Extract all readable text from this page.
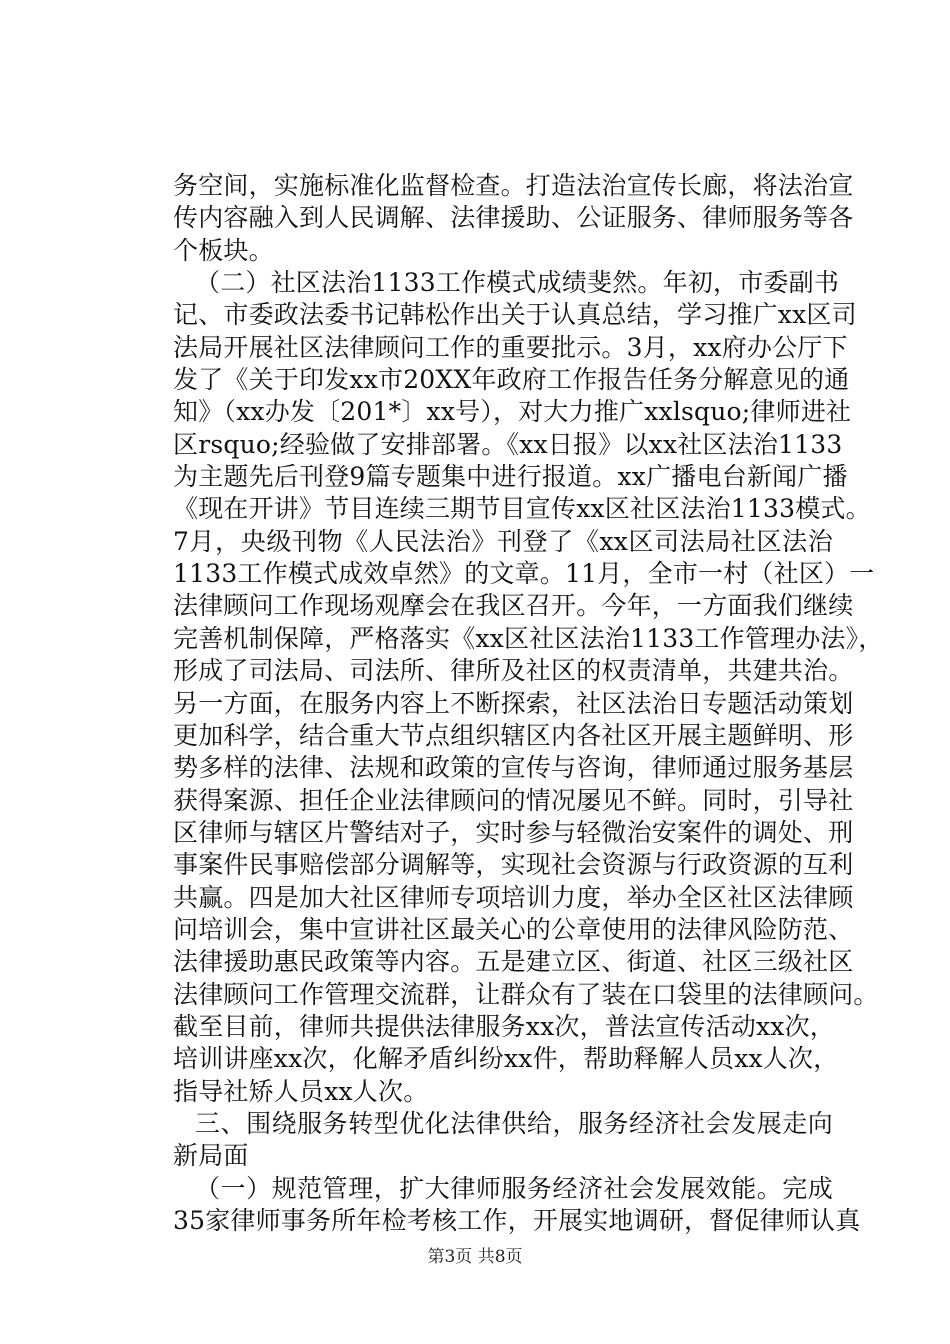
务空间，实施标准化监督检查。打造法治宣传长廊，将法治宣
传内容融入到人民调解、法律援助、公证服务、律师服务等各
个板块。
（二）社区法治1133工作模式成绩斐然。年初，市委副书
记、市委政法委书记韩松作出关于认真总结，学习推广xx区司
法局开展社区法律顾问工作的重要批示。3月，xx府办公厅下
发了《关于印发xx市20XX年政府工作报告任务分解意见的通
知》（xx办发〔201*〕xx号），对大力推广xxlsquo;律师进社
区rsquo;经验做了安排部署。《xx日报》以xx社区法治1133
为主题先后刊登9篇专题集中进行报道。xx广播电台新闻广播
《现在开讲》节目连续三期节目宣传xx区社区法治1133模式。
7月，央级刊物《人民法治》刊登了《xx区司法局社区法治
1133工作模式成效卓然》的文章。11月，全市一村（社区）一
法律顾问工作现场观摩会在我区召开。今年，一方面我们继续
完善机制保障，严格落实《xx区社区法治1133工作管理办法》，
形成了司法局、司法所、律所及社区的权责清单，共建共治。
另一方面，在服务内容上不断探索，社区法治日专题活动策划
更加科学，结合重大节点组织辖区内各社区开展主题鲜明、形
势多样的法律、法规和政策的宣传与咨询，律师通过服务基层
获得案源、担任企业法律顾问的情况屡见不鲜。同时，引导社
区律师与辖区片警结对子，实时参与轻微治安案件的调处、刑
事案件民事赔偿部分调解等，实现社会资源与行政资源的互利
共赢。四是加大社区律师专项培训力度，举办全区社区法律顾
问培训会，集中宣讲社区最关心的公章使用的法律风险防范、
法律援助惠民政策等内容。五是建立区、街道、社区三级社区
法律顾问工作管理交流群，让群众有了装在口袋里的法律顾问。
截至目前，律师共提供法律服务xx次，普法宣传活动xx次，
培训讲座xx次，化解矛盾纠纷xx件，帮助释解人员xx人次，
指导社矫人员xx人次。
三、围绕服务转型优化法律供给，服务经济社会发展走向
新局面
（一）规范管理，扩大律师服务经济社会发展效能。完成
35家律师事务所年检考核工作，开展实地调研，督促律师认真
第3页 共8页
